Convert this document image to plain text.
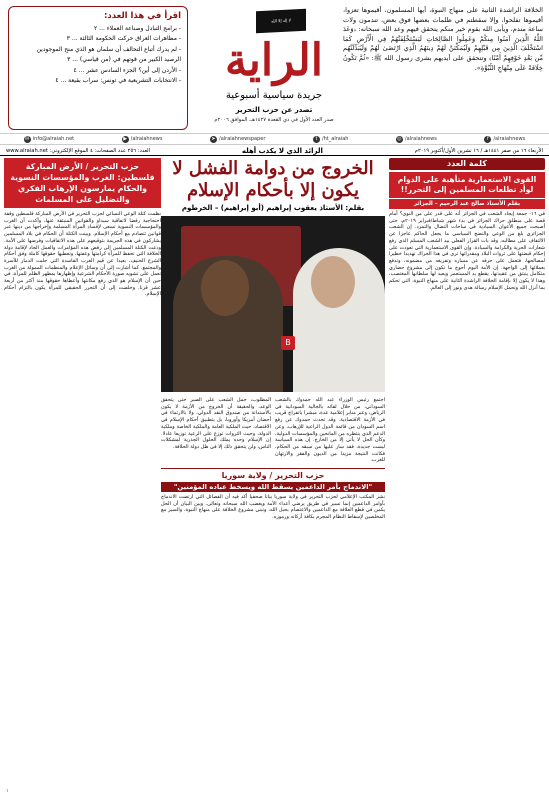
الخلافة الراشدة الثانية على منهاج النبوة، أيها المسلمون، أقيموها تعزوا، أقيموها تفلحوا، وإلا سقطتم في ظلمات بعضها فوق بعض، تندمون ولات ساعة مندم، ويأبى الله بقوم خير منكم يتحقق فيهم وعد الله سبحانه: ﴿وَعَدَ اللَّهُ الَّذِينَ آمَنُوا مِنكُمْ وَعَمِلُوا الصَّالِحَاتِ لَيَسْتَخْلِفَنَّهُمْ فِي الْأَرْضِ كَمَا اسْتَخْلَفَ الَّذِينَ مِن قَبْلِهِمْ وَلَيُمَكِّنَنَّ لَهُمْ دِينَهُمُ الَّذِي ارْتَضَىٰ لَهُمْ وَلَيُبَدِّلَنَّهُم مِّن بَعْدِ خَوْفِهِمْ أَمْنًا﴾ وتتحقق على أيديهم بشرى رسول الله ﷺ: «ثُمَّ تَكُونُ خِلَافَةً عَلَى مِنْهَاجِ النُّبُوَّةِ».
لا إله إلا الله
الراية
جريدة سياسية أسبوعية
تصدر عن حزب التحرير
صدر العدد الأول في ذي القعدة ١٤٢٧هـ، الموافق ٢٠٠٦م
اقرأ في هذا العدد:
- برامج التبادل وصناعة العملاء ... ٢
- مظاهرات العراق حركت الحكومة الثالثة ... ٣
- لم يدرك أتباع التحالف أن سلمان هو الذي منح الموجودين
الرصيد الكبير من قوتهم في (من قياسي) ... ٣
- الأردن إلى أين؟ الجزء السادس عشر ... ٤
- الانتخابات التشريعية في تونس: سراب بقيعة ... ٤
✉ info@alraiah.net	▶ /alraiahnews	➤ /alraiahnewspaper	t /ht_alraiah	◎ /alraiahnews	f /alraiahnews
الأربعاء ١٦ من صفر ١٤٤١هـ / ١٦ تشرين الأول/أكتوبر ٢٠١٩م
الرائد الذي لا يكذب أهله
العدد: ٢٥٦ عدد الصفحات: ٤ الموقع الإلكتروني: www.alraiah.net
كلمة العدد
القوى الاستعمارية متأهبة على الدوام لوأد تطلعات المسلمين إلى التحرر!!
بقلم الأستاذ صالح عبد الرحيم – الجزائر
في ١٦- جمعة إيجاد الشعب في الجزائر أنه على قدر على من النوى؟ أمام قصة على منطلق حراك الجزائر في بدء شهر شباط/فبراير ٢٠١٩م، حتى أصبحت جميع الأعوان السيادية في ساحات النضال والتمرد. إن الشعب الجزائري بلغ من الوعي والنضج السياسي ما يجعل الحاكم عاجزا عن الالتفاف على مطالبه، وقد بات القرار الفعلي بيد الشعب المسلم الذي رفع شعارات الحرية والكرامة والسيادة. وإن القوى الاستعمارية التي تعودت على إحكام قبضتها على ثروات البلاد ومقدراتها ترى في هذا الحراك تهديدا خطيرا لمصالحها، فتعمل على حرفه عن مساره وتفريغه من مضمونه، وتدفع بعملائها إلى الواجهة. إن الأمة اليوم أحوج ما تكون إلى مشروع حضاري متكامل ينبثق من عقيدتها، يقطع يد المستعمر ويعيد لها سلطانها المغتصب، وهذا لا يكون إلا بإقامة الخلافة الراشدة الثانية على منهاج النبوة، التي تحكم بما أنزل الله وتحمل الإسلام رسالة هدى ونور إلى العالم.
الخروج من دوامة الفشل لا يكون إلا بأحكام الإسلام
بقلم: الأستاذ يعقوب إبراهيم (أبو إبراهيم) – الخرطوم
B
اجتمع رئيس الوزراء عبد الله حمدوك بالشعب السوداني، من خلال لقائه بالجالية السودانية في الرياض، وعبر منابر إعلامية عدة، مبشرا بانفراج قريب في الأزمة الاقتصادية. وقد تحدث حمدوك عن رفع اسم السودان من قائمة الدول الراعية للإرهاب، وعن الدعم الذي ينتظره من المانحين والمؤسسات الدولية، وكأن الحل لا يأتي إلا من الخارج. إن هذه السياسة ليست جديدة، فقد سار عليها من سبقه من الحكام، فكانت النتيجة مزيدا من الديون والفقر والارتهان للغرب.
المطلوب، حمل الشعب على الصبر حتى يتحقق الوعد، والحقيقة أن الخروج من الأزمة لا يكون بالاستدانة من صندوق النقد الدولي، ولا بالارتماء في أحضان أمريكا وأوروبا، بل بتطبيق أحكام الإسلام في الاقتصاد، حيث الملكية العامة والملكية الخاصة وملكية الدولة، وحيث الثروات توزع على الرعية توزيعا عادلا. إن الإسلام وحده يملك الحلول الجذرية لمشكلات الناس، ولن يتحقق ذلك إلا في ظل دولة الخلافة.
حزب التحرير / ولاية سوريا
"الاندماج بأمر الداعمين يسقط الله ويسخط عباده المؤمنين"
نشر المكتب الإعلامي لحزب التحرير في ولاية سوريا بيانا صحفيا أكد فيه أن الفصائل التي ارتضت الاندماج بأوامر الداعمين إنما تسير في طريق يرضي أعداء الأمة ويغضب الله سبحانه وتعالى. وبين البيان أن الحل يكمن في قطع العلاقة مع الداعمين والاعتصام بحبل الله، وتبني مشروع الخلافة على منهاج النبوة، والسير مع المخلصين لإسقاط النظام المجرم بكافة أركانه ورموزه.
حزب التحرير / الأرض المباركة فلسطين: الغرب والمؤسسات النسوية والحكام يمارسون الإرهاب الفكري والتضليل على المسلمات
نظمت كتلة الوعي النسائي لحزب التحرير في الأرض المباركة فلسطين وقفة احتجاجية رفضا لاتفاقية سيداو والقوانين المنبثقة عنها، وأكدت أن الغرب والمؤسسات النسوية تسعى لإفساد المرأة المسلمة وإخراجها من دينها عبر قوانين تتصادم مع أحكام الإسلام. وبينت الكتلة أن الحكام في بلاد المسلمين يشاركون في هذه الجريمة بتوقيعهم على هذه الاتفاقيات وفرضها على الأمة. ودعت الكتلة المسلمين إلى رفض هذه المؤامرات والعمل الجاد لإقامة دولة الخلافة التي تحفظ للمرأة كرامتها وعفتها، وتعطيها حقوقها كاملة وفق أحكام الشرع الحنيف، بعيدا عن قيم الغرب الفاسدة التي جلبت الدمار للأسرة والمجتمع. كما أشارت إلى أن وسائل الإعلام والمنظمات الممولة من الغرب تعمل على تشويه صورة الأحكام الشرعية وإظهارها بمظهر الظلم للمرأة، في حين أن الإسلام هو الذي رفع مكانتها وأعطاها حقوقها منذ أكثر من أربعة عشر قرنا. وخلصت إلى أن التحرر الحقيقي للمرأة يكون بالتزام أحكام الإسلام.
١
